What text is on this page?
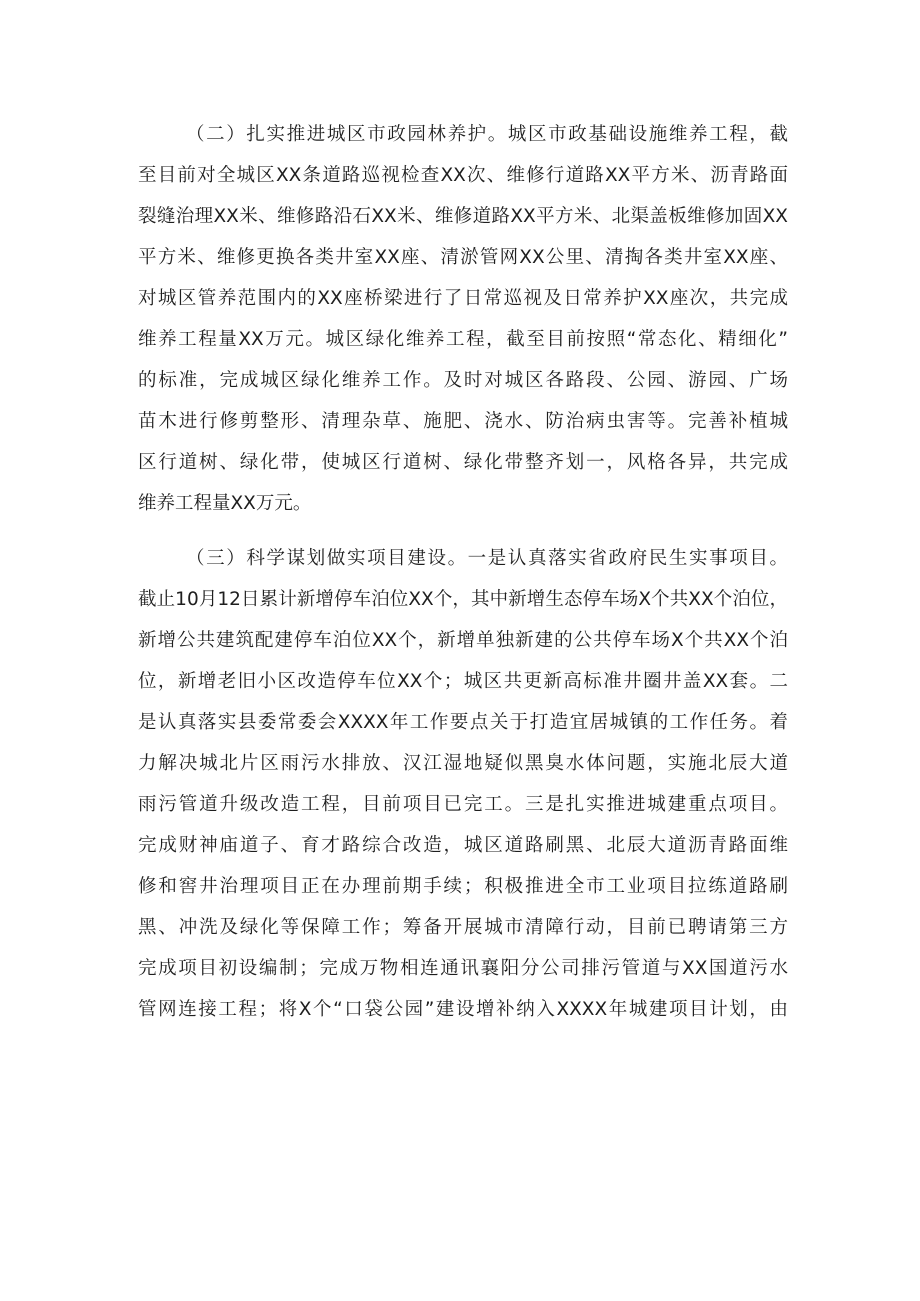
（二）扎实推进城区市政园林养护。城区市政基础设施维养工程，截
至目前对全城区XX条道路巡视检查XX次、维修行道路XX平方米、沥青路面
裂缝治理XX米、维修路沿石XX米、维修道路XX平方米、北渠盖板维修加固XX
平方米、维修更换各类井室XX座、清淤管网XX公里、清掏各类井室XX座、
对城区管养范围内的XX座桥梁进行了日常巡视及日常养护XX座次，共完成
维养工程量XX万元。城区绿化维养工程，截至目前按照“常态化、精细化”
的标准，完成城区绿化维养工作。及时对城区各路段、公园、游园、广场
苗木进行修剪整形、清理杂草、施肥、浇水、防治病虫害等。完善补植城
区行道树、绿化带，使城区行道树、绿化带整齐划一，风格各异，共完成
维养工程量XX万元。
（三）科学谋划做实项目建设。一是认真落实省政府民生实事项目。
截止10月12日累计新增停车泊位XX个，其中新增生态停车场X个共XX个泊位，
新增公共建筑配建停车泊位XX个，新增单独新建的公共停车场X个共XX个泊
位，新增老旧小区改造停车位XX个；城区共更新高标准井圈井盖XX套。二
是认真落实县委常委会XXXX年工作要点关于打造宜居城镇的工作任务。着
力解决城北片区雨污水排放、汉江湿地疑似黑臭水体问题，实施北辰大道
雨污管道升级改造工程，目前项目已完工。三是扎实推进城建重点项目。
完成财神庙道子、育才路综合改造，城区道路刷黑、北辰大道沥青路面维
修和窖井治理项目正在办理前期手续；积极推进全市工业项目拉练道路刷
黑、冲洗及绿化等保障工作；筹备开展城市清障行动，目前已聘请第三方
完成项目初设编制；完成万物相连通讯襄阳分公司排污管道与XX国道污水
管网连接工程；将X个“口袋公园”建设增补纳入XXXX年城建项目计划，由
